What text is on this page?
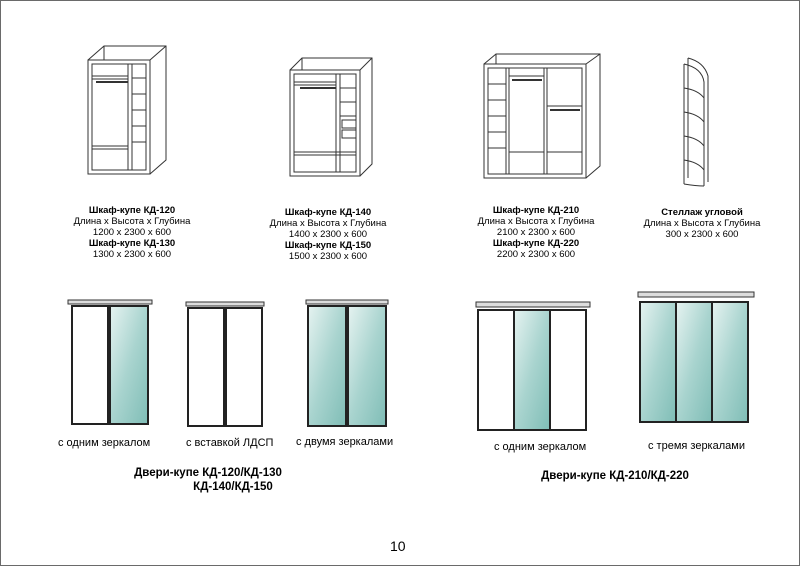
Шкаф-купе КД-120
Длина х Высота х Глубина
1200 х 2300 х 600
Шкаф-купе КД-130
1300 х 2300 х 600
Шкаф-купе КД-140
Длина х Высота х Глубина
1400 х 2300 х 600
Шкаф-купе КД-150
1500 х 2300 х 600
Шкаф-купе КД-210
Длина х Высота х Глубина
2100 х 2300 х 600
Шкаф-купе КД-220
2200 х 2300 х 600
Стеллаж угловой
Длина х Высота х Глубина
300 х 2300 х 600
с одним зеркалом	с вставкой ЛДСП с двумя зеркалами	с одним зеркалом	с тремя зеркалами
Двери-купе КД-120/КД-130
КД-140/КД-150
Двери-купе КД-210/КД-220
10
